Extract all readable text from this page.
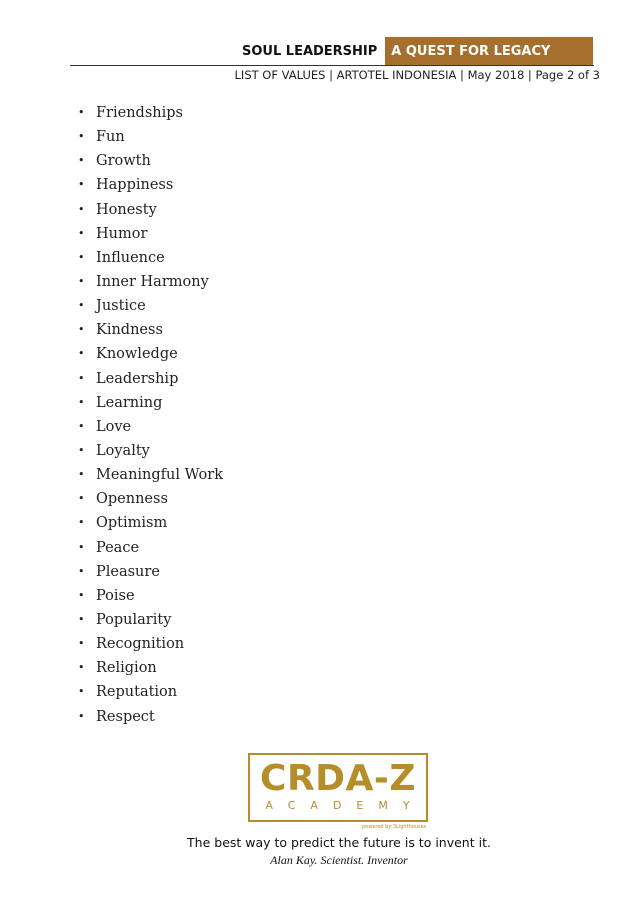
SOUL LEADERSHIP	A QUEST FOR LEGACY
LIST OF VALUES | ARTOTEL INDONESIA | May 2018 | Page 2 of 3
• Friendships
• Fun
• Growth
• Happiness
• Honesty
• Humor
• Influence
• Inner Harmony
• Justice
• Kindness
• Knowledge
• Leadership
• Learning
• Love
• Loyalty
• Meaningful Work
• Openness
• Optimism
• Peace
• Pleasure
• Poise
• Popularity
• Recognition
• Religion
• Reputation
• Respect
CRDA-Z
ACADEMY
powered by 3Lighthouses
The best way to predict the future is to invent it.
Alan Kay. Scientist. Inventor
